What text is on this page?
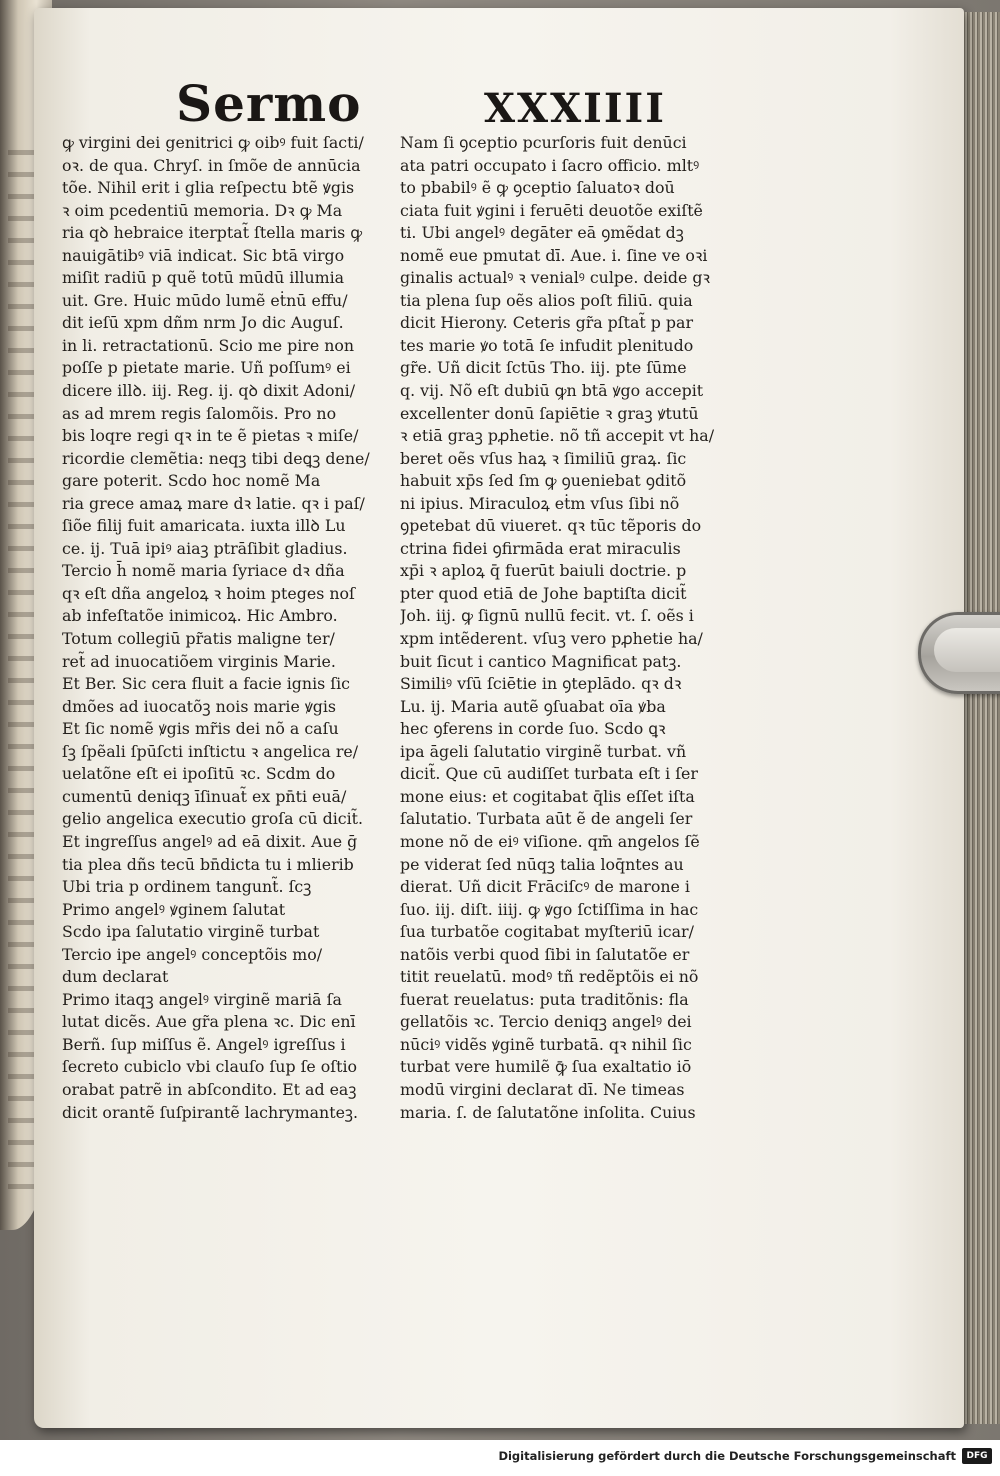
Sermo	XXXIIII
ꝙ virgini dei genitrici ꝙ oibꝰ fuit ſacti/
oꝛ. de qua. Chryſ. in ſmõe de annūcia
tõe. Nihil erit i glia reſpectu btẽ ꝟgis
ꝛ oim pcedentiū memoria. Dꝛ ꝙ Ma
ria qꝺ hebraice iterptat̃ ſtella maris ꝙ
nauigātibꝰ viā indicat. Sic btā virgo
miſit radiū p quẽ totū mūdū illumia
uit. Gre. Huic mūdo lumẽ eṫnū effu/
dit ieſū xpm dñm nrm Jo dic Auguſ.
in li. retractationū. Scio me pire non
poſſe p pietate marie. Uñ poſſumꝰ ei
dicere illꝺ. iij. Reg. ij. qꝺ dixit Adoni/
as ad mrem regis ſalomõis. Pro no
bis loqre regi qꝛ in te ẽ pietas ꝛ miſe/
ricordie clemẽtia: neqꝫ tibi deꝗꝫ dene/
gare poterit. Scdo hoc nomẽ Ma
ria grece amaꝝ mare dꝛ latie. qꝛ i paſ/
ſiõe filij fuit amaricata. iuxta illꝺ Lu
ce. ij. Tuā ipiꝰ aiaꝫ ptrāſibit gladius.
Tercio h̄ nomẽ maria ſyriace dꝛ dña
qꝛ eſt dña angeloꝝ ꝛ hoim pteges noſ
ab infeſtatõe inimicoꝝ. Hic Ambro.
Totum collegiū pr̃atis maligne ter/
ret̃ ad inuocatiõem virginis Marie.
Et Ber. Sic cera fluit a facie ignis ſic
dmões ad iuocatõꝫ nois marie ꝟgis
Et ſic nomẽ ꝟgis mr̃is dei nõ a caſu
ſꝫ ſpẽali ſpūſcti inſtictu ꝛ angelica re/
uelatõne eſt ei ipoſitū ꝛc. Scdm do
cumentū deniqꝫ īſinuat̃ ex pn̄ti euā/
gelio angelica executio groſa cū dicit̃.
Et ingreſſus angelꝰ ad eā dixit. Aue ḡ
tia plea dñs tecū bn̄dicta tu i mlierib
Ubi tria p ordinem tangunt̃. ſcꝫ
Primo angelꝰ ꝟginem ſalutat
Scdo ipa ſalutatio virginẽ turbat
Tercio ipe angelꝰ conceptõis mo/
dum declarat
Primo itaqꝫ angelꝰ virginẽ mariā ſa
lutat dicẽs. Aue gr̃a plena ꝛc. Dic enī
Berñ. ſup miſſus ẽ. Angelꝰ igreſſus i
ſecreto cubiclo vbi clauſo ſup ſe oſtio
orabat patrẽ in abſcondito. Et ad eaꝫ
dicit orantẽ ſuſpirantẽ lachrymanteꝫ.
Nam ſi ꝯceptio pcurſoris fuit denūci
ata patri occupato i ſacro officio. mltꝰ
to pbabilꝰ ẽ ꝙ ꝯceptio ſaluatoꝛ doū
ciata fuit ꝟgini i feruēti deuotõe exiſtẽ
ti. Ubi angelꝰ degāter eā ꝯmẽdat dꝫ
nomẽ eue pmutat dī. Aue. i. ſine ve oꝛi
ginalis actualꝰ ꝛ venialꝰ culpe. deide gꝛ
tia plena ſup oẽs alios poſt filiū. quia
dicit Hierony. Ceteris gr̃a pſtat̃ p par
tes marie ꝟo totā ſe infudit plenitudo
gr̃e. Uñ dicit ſctūs Tho. iij. pte ſūme
q. vij. Nõ eſt dubiū ꝙn btā ꝟgo accepit
excellenter donū ſapiētie ꝛ graꝫ ꝟtutū
ꝛ etiā graꝫ pꝓhetie. nõ tñ accepit vt ha/
beret oẽs vſus haꝝ ꝛ ſimiliū graꝝ. ſic
habuit xp̄s ſed ſm ꝙ ꝯueniebat ꝯditõ
ni ipius. Miraculoꝝ eṫm vſus ſibi nõ
ꝯpetebat dū viueret. qꝛ tūc tẽporis do
ctrina fidei ꝯfirmāda erat miraculis
xp̄i ꝛ aploꝝ q̄ fuerūt baiuli doctrie. p
pter quod etiā de Johe baptiſta dicit̃
Joh. iij. ꝙ ſignū nullū fecit. vt. ſ. oẽs i
xpm intẽderent. vſuꝫ vero pꝓhetie ha/
buit ſicut i cantico Magnificat patꝫ.
Similiꝰ vſū ſciētie in ꝯteplādo. qꝛ dꝛ
Lu. ij. Maria autẽ ꝯſuabat oīa ꝟba
hec ꝯferens in corde ſuo. Scdo ꝗꝛ
ipa āgeli ſalutatio virginẽ turbat. vñ
dicit̃. Que cū audiſſet turbata eſt i ſer
mone eius: et cogitabat q̄lis eſſet iſta
ſalutatio. Turbata aūt ẽ de angeli ſer
mone nõ de eiꝰ viſione. qm̄ angelos ſẽ
pe viderat ſed nūqꝫ talia loq̄ntes au
dierat. Uñ dicit Frāciſcꝰ de marone i
ſuo. iij. diſt. iiij. ꝙ ꝟgo ſctiſſima in hac
ſua turbatõe cogitabat myſteriū icar/
natõis verbi quod ſibi in ſalutatõe er
titit reuelatū. modꝰ tñ redẽptõis ei nõ
fuerat reuelatus: puta traditõnis: fla
gellatõis ꝛc. Tercio deniqꝫ angelꝰ dei
nūciꝰ vidẽs ꝟginẽ turbatā. qꝛ nihil ſic
turbat vere humilẽ ꝙ̄ ſua exaltatio iō
modū virgini declarat dī. Ne timeas
maria. ſ. de ſalutatõne inſolita. Cuius
Digitalisierung gefördert durch die Deutsche Forschungsgemeinschaft	DFG
